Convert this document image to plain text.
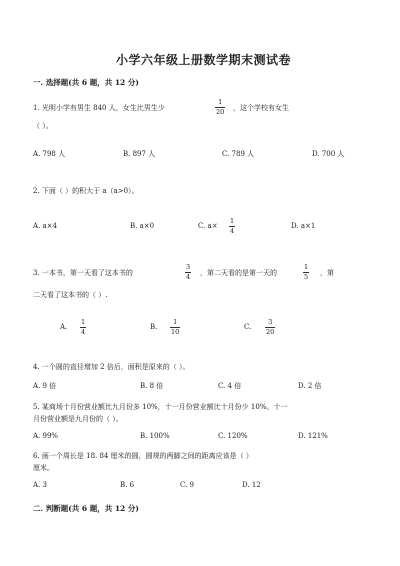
小学六年级上册数学期末测试卷
一. 选择题(共 6 题，共 12 分)
1. 光明小学有男生 840 人，女生比男生少
1
20 ，这个学校有女生
（ ）。
A. 798 人	B. 897 人	C. 789 人	D. 700 人
2. 下面（ ）的积大于 a（a>0）。
A. a×4	B. a×0	C. a×
1
4
D. a×1
3. 一本书，第一天看了这本书的
3
4 ，第二天看的是第一天的
1
5 ，第
二天看了这本书的（ ）.
A.
1
4
B.
1
10
C.
3
20
4. 一个圆的直径增加 2 倍后，面积是原来的（ ）。
A. 9 倍	B. 8 倍	C. 4 倍	D. 2 倍
5. 某商场十月份营业额比九月份多 10%，十一月份营业额比十月份少 10%。十一
月份营业额是九月份的（ ）。
A. 99%	B. 100%	C. 120%	D. 121%
6. 画一个周长是 18. 84 厘米的圆，圆规的两脚之间的距离应该是（ ）
厘米。
A. 3	B. 6	C. 9	D. 12
二. 判断题(共 6 题，共 12 分)
